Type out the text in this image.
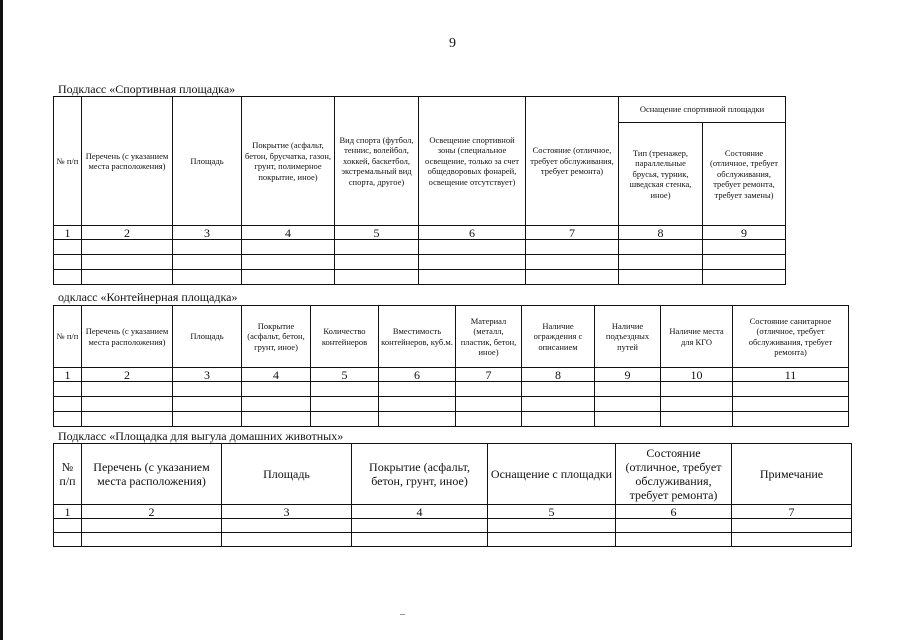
9
Подкласс «Спортивная площадка»
№ п/п	Перечень (с указанием места расположения)	Площадь	Покрытие (асфальт, бетон, брусчатка, газон, грунт, полимерное покрытие, иное)	Вид спорта (футбол, теннис, волейбол, хоккей, баскетбол, экстремальный вид спорта, другое)	Освещение спортивной зоны (специальное освещение, только за счет общедворовых фонарей, освещение отсутствует)	Состояние (отличное, требует обслуживания, требует ремонта)	Оснащение спортивной площадки	
							Тип (тренажер, параллельные брусья, турник, шведская стенка, иное)	Состояние (отличное, требует обслуживания, требует ремонта, требует замены)
1	2	3	4	5	6	7	8	9

одкласс «Контейнерная площадка»
№ п/п	Перечень (с указанием места расположения)	Площадь	Покрытие (асфальт, бетон, грунт, иное)	Количество контейнеров	Вместимость контейнеров, куб.м.	Материал (металл, пластик, бетон, иное)	Наличие ограждения с описанием	Наличие подъездных путей	Наличие места для КГО	Состояние санитарное (отличное, требует обслуживания, требует ремонта)
1	2	3	4	5	6	7	8	9	10	11

Подкласс «Площадка для выгула домашних животных»
№ п/п	Перечень (с указанием места расположения)	Площадь	Покрытие (асфальт, бетон, грунт, иное)	Оснащение с площадки	Состояние (отличное, требует обслуживания, требует ремонта)	Примечание
1	2	3	4	5	6	7
